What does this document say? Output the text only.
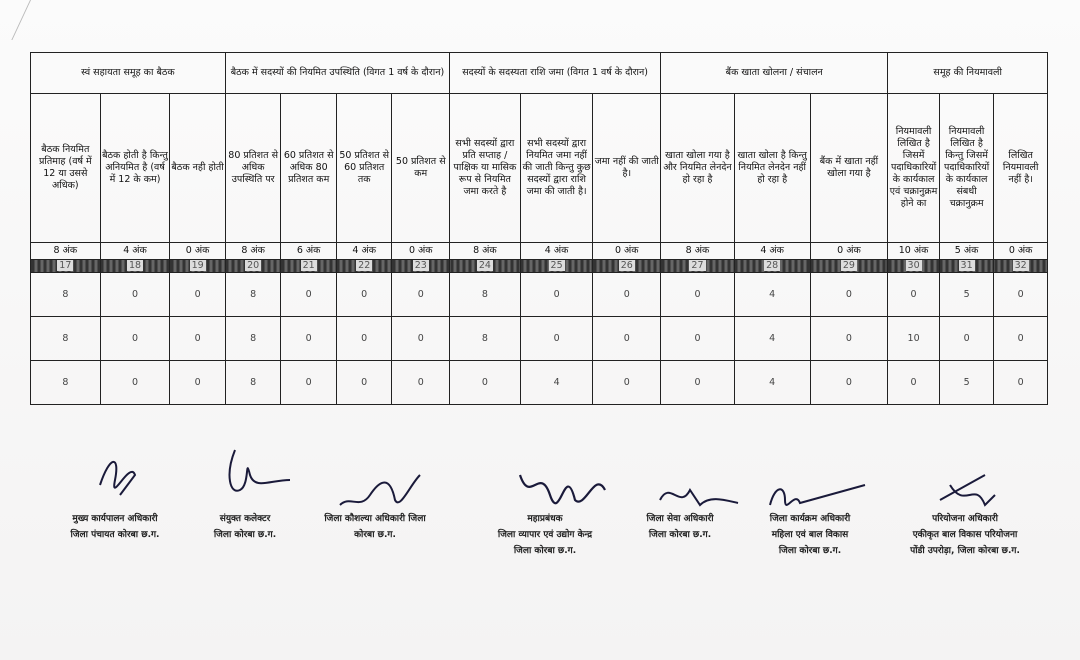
स्वं सहायता समूह का बैठक			बैठक में सदस्यों की नियमित उपस्थिति (विगत 1 वर्ष के दौरान)				सदस्यों के सदस्यता राशि जमा (विगत 1 वर्ष के दौरान)			बैंक खाता खोलना / संचालन			समूह की नियमावली		
बैठक नियमित प्रतिमाह (वर्ष में 12 या उससे अधिक)	बैठक होती है किन्तु अनियमित है (वर्ष में 12 के कम)	बैठक नही होती	80 प्रतिशत से अधिक उपस्थिति पर	60 प्रतिशत से अधिक 80 प्रतिशत कम	50 प्रतिशत से 60 प्रतिशत तक	50 प्रतिशत से कम	सभी सदस्यों द्वारा प्रति सप्ताह / पाक्षिक या मासिक रूप से नियमित जमा करते है	सभी सदस्यों द्वारा नियमित जमा नहीं की जाती किन्तु कुछ सदस्यों द्वारा राशि जमा की जाती है।	जमा नहीं की जाती है।	खाता खोला गया है और नियमित लेनदेन हो रहा है	खाता खोला है किन्तु नियमित लेनदेन नहीं हो रहा है	बैंक में खाता नहीं खोला गया है	नियमावली लिखित है जिसमें पदाधिकारियों के कार्यकाल एवं चक्रानुक्रम होने का	नियमावली लिखित है किन्तु जिसमें पदाधिकारियों के कार्यकाल संबधी चक्रानुक्रम	लिखित नियमावली नहीं है।
8 अंक	4 अंक	0 अंक	8 अंक	6 अंक	4 अंक	0 अंक	8 अंक	4 अंक	0 अंक	8 अंक	4 अंक	0 अंक	10 अंक	5 अंक	0 अंक
17	18	19	20	21	22	23	24	25	26	27	28	29	30	31	32
8	0	0	8	0	0	0	8	0	0	0	4	0	0	5	0
8	0	0	8	0	0	0	8	0	0	0	4	0	10	0	0
8	0	0	8	0	0	0	0	4	0	0	4	0	0	5	0
मुख्य कार्यपालन अधिकारी
जिला पंचायत कोरबा छ.ग.
संयुक्त कलेक्टर
जिला कोरबा छ.ग.
जिला कौशल्या अधिकारी जिला
कोरबा छ.ग.
महाप्रबंधक
जिला व्यापार एवं उद्योग केन्द्र
जिला कोरबा छ.ग.
जिला सेवा अधिकारी
जिला कोरबा छ.ग.
जिला कार्यक्रम अधिकारी
महिला एवं बाल विकास
जिला कोरबा छ.ग.
परियोजना अधिकारी
एकीकृत बाल विकास परियोजना
पोंडी उपरोड़ा, जिला कोरबा छ.ग.
